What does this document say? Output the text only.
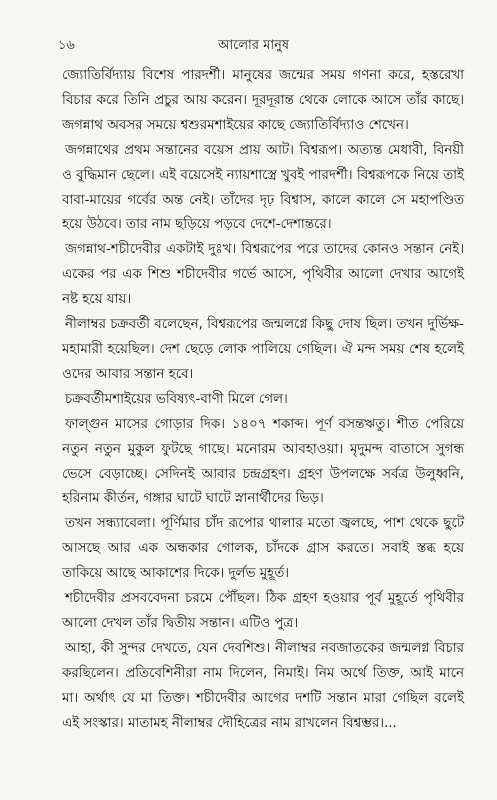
১৬	আলোর মানুষ

জ্যোতির্বিদ্যায় বিশেষ পারদর্শী। মানুষের জন্মের সময় গণনা করে, হস্তরেখা বিচার করে তিনি প্রচুর আয় করেন। দূরদূরান্ত থেকে লোকে আসে তাঁর কাছে। জগন্নাথ অবসর সময়ে শ্বশুরমশাইয়ের কাছে জ্যোতির্বিদ্যাও শেখেন।

জগন্নাথের প্রথম সন্তানের বয়েস প্রায় আট। বিশ্বরূপ। অত্যন্ত মেধাবী, বিনয়ী ও বুদ্ধিমান ছেলে। এই বয়েসেই ন্যায়শাস্ত্রে খুবই পারদর্শী। বিশ্বরূপকে নিয়ে তাই বাবা-মায়ের গর্বের অন্ত নেই। তাঁদের দৃঢ় বিশ্বাস, কালে কালে সে মহাপণ্ডিত হয়ে উঠবে। তার নাম ছড়িয়ে পড়বে দেশে-দেশান্তরে।

জগন্নাথ-শচীদেবীর একটাই দুঃখ। বিশ্বরূপের পরে তাদের কোনও সন্তান নেই। একের পর এক শিশু শচীদেবীর গর্ভে আসে, পৃথিবীর আলো দেখার আগেই নষ্ট হয়ে যায়।

নীলাম্বর চক্রবর্তী বলেছেন, বিশ্বরূপের জন্মলগ্নে কিছু দোষ ছিল। তখন দুর্ভিক্ষ-মহামারী হয়েছিল। দেশ ছেড়ে লোক পালিয়ে গেছিল। ঐ মন্দ সময় শেষ হলেই ওদের আবার সন্তান হবে।

চক্রবর্তীমশাইয়ের ভবিষ্যৎ-বাণী মিলে গেল।

ফাল্গুন মাসের গোড়ার দিক। ১৪০৭ শকাব্দ। পূর্ণ বসন্তঋতু। শীত পেরিয়ে নতুন নতুন মুকুল ফুটছে গাছে। মনোরম আবহাওয়া। মৃদুমন্দ বাতাসে সুগন্ধ ভেসে বেড়াচ্ছে। সেদিনই আবার চন্দ্রগ্রহণ। গ্রহণ উপলক্ষে সর্বত্র উলুধ্বনি, হরিনাম কীর্তন, গঙ্গার ঘাটে ঘাটে স্নানার্থীদের ভিড়।

তখন সন্ধ্যাবেলা। পূর্ণিমার চাঁদ রূপোর থালার মতো জ্বলছে, পাশ থেকে ছুটে আসছে আর এক অন্ধকার গোলক, চাঁদকে গ্রাস করতে। সবাই স্তব্ধ হয়ে তাকিয়ে আছে আকাশের দিকে। দুর্লভ মুহূর্ত।

শচীদেবীর প্রসববেদনা চরমে পৌঁছল। ঠিক গ্রহণ হওয়ার পূর্ব মুহূর্তে পৃথিবীর আলো দেখল তাঁর দ্বিতীয় সন্তান। এটিও পুত্র।

আহা, কী সুন্দর দেখতে, যেন দেবশিশু। নীলাম্বর নবজাতকের জন্মলগ্ন বিচার করছিলেন। প্রতিবেশিনীরা নাম দিলেন, নিমাই। নিম অর্থে তিক্ত, আই মানে মা। অর্থাৎ যে মা তিক্ত। শচীদেবীর আগের দশটি সন্তান মারা গেছিল বলেই এই সংস্কার। মাতামহ নীলাম্বর দৌহিত্রের নাম রাখলেন বিশ্বম্ভর।...
